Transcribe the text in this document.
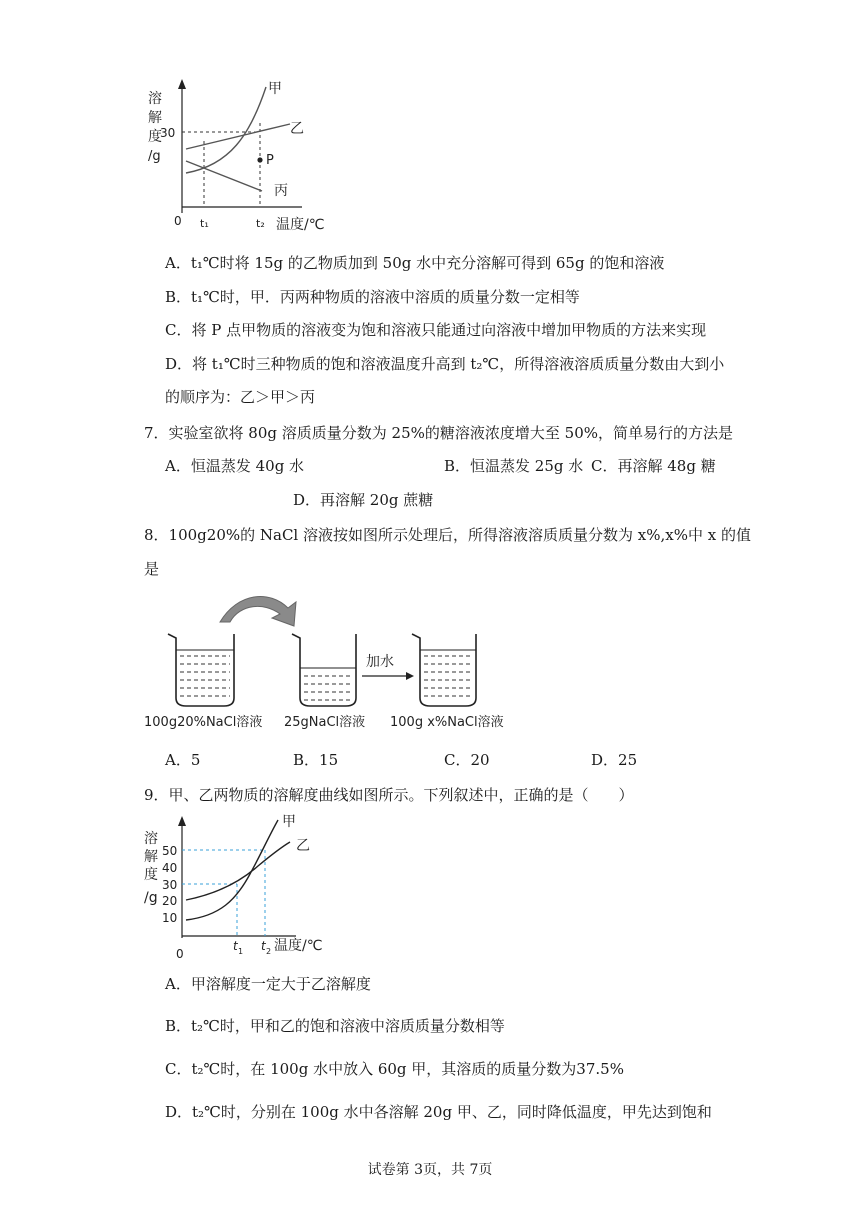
溶
解
度
/g
30
0 t₁	t₂ 温度/℃
甲
乙
丙
P
A．t₁℃时将 15g 的乙物质加到 50g 水中充分溶解可得到 65g 的饱和溶液
B．t₁℃时，甲．丙两种物质的溶液中溶质的质量分数一定相等
C．将 P 点甲物质的溶液变为饱和溶液只能通过向溶液中增加甲物质的方法来实现
D．将 t₁℃时三种物质的饱和溶液温度升高到 t₂℃，所得溶液溶质质量分数由大到小
的顺序为：乙＞甲＞丙
7．实验室欲将 80g 溶质质量分数为 25%的糖溶液浓度增大至 50%，简单易行的方法是
A．恒温蒸发 40g 水	B．恒温蒸发 25g 水 C．再溶解 48g 糖
D．再溶解 20g 蔗糖
8．100g20%的 NaCl 溶液按如图所示处理后，所得溶液溶质质量分数为 x%,x%中 x 的值
是
加水
100g20%NaCl溶液 25gNaCl溶液 100g x%NaCl溶液
A．5	B．15	C．20	D．25
9．甲、乙两物质的溶解度曲线如图所示。下列叙述中，正确的是（　　）
溶
解
度
/g
50
40
30
20
10
0
甲
乙
t 1 t 2 温度/℃
A．甲溶解度一定大于乙溶解度
B．t₂℃时，甲和乙的饱和溶液中溶质质量分数相等
C．t₂℃时，在 100g 水中放入 60g 甲，其溶质的质量分数为37.5%
D．t₂℃时，分别在 100g 水中各溶解 20g 甲、乙，同时降低温度，甲先达到饱和
试卷第 3页，共 7页
